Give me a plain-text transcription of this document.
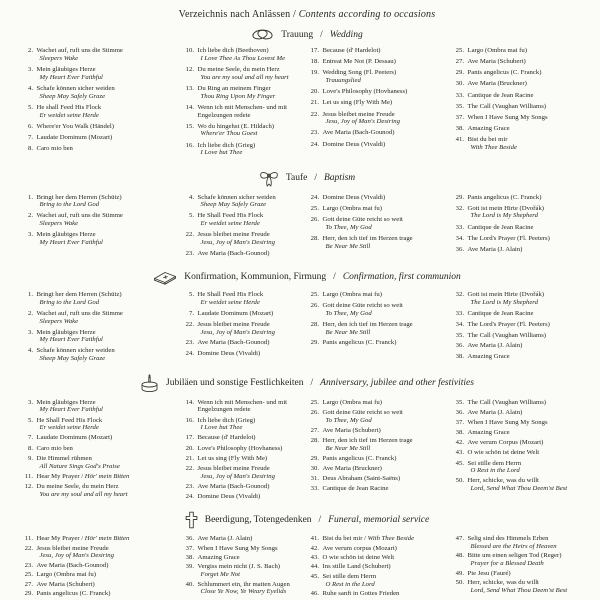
Verzeichnis nach Anlässen / Contents according to occasions
Trauung / Wedding
2. Wachet auf, ruft uns die Stimme
Sleepers Wake
3. Mein gläubiges Herze
My Heart Ever Faithful
4. Schafe können sicher weiden
Sheep May Safely Graze
5. He shall Feed His Flock
Er weidet seine Herde
6. Where'er You Walk (Händel)
7. Laudate Dominum (Mozart)
8. Caro mio ben
10. Ich liebe dich (Beethoven)
I Love Thee As Thou Lovest Me
12. Du meine Seele, du mein Herz
You are my soul and all my heart
13. Du Ring an meinem Finger
Thou Ring Upon My Finger
14. Wenn ich mit Menschen- und mit Engelzungen redete
15. Wo du hingehst (E. Hildach)
Where'er Thou Goest
16. Ich liebe dich (Grieg)
I Love but Thee
17. Because (d' Hardelot)
18. Entreat Me Not (P. Dessau)
19. Wedding Song (Fl. Peeters)
Trauungslied
20. Love's Philosophy (Hovhaness)
21. Let us sing (Fly With Me)
22. Jesus bleibet meine Freude
Jesu, Joy of Man's Desiring
23. Ave Maria (Bach-Gounod)
24. Domine Deus (Vivaldi)
25. Largo (Ombra mai fu)
27. Ave Maria (Schubert)
29. Panis angelicus (C. Franck)
30. Ave Maria (Bruckner)
33. Cantique de Jean Racine
35. The Call (Vaughan Williams)
37. When I Have Sung My Songs
38. Amazing Grace
41. Bist du bei mir
With Thee Beside
Taufe / Baptism
1. Bringt her dem Herren (Schütz)
Bring to the Lord God
2. Wachet auf, ruft uns die Stimme
Sleepers Wake
3. Mein gläubiges Herze
My Heart Ever Faithful
4. Schafe können sicher weiden
Sheep May Safely Graze
5. He Shall Feed His Flock
Er weidet seine Herde
22. Jesus bleibet meine Freude
Jesu, Joy of Man's Desiring
23. Ave Maria (Bach-Gounod)
24. Domine Deus (Vivaldi)
25. Largo (Ombra mai fu)
26. Gott deine Güte reicht so weit
To Thee, My God
28. Herr, den ich tief im Herzen trage
Be Near Me Still
29. Panis angelicus (C. Franck)
32. Gott ist mein Hirte (Dvořák)
The Lord is My Shepherd
33. Cantique de Jean Racine
34. The Lord's Prayer (Fl. Peeters)
36. Ave Maria (J. Alain)
Konfirmation, Kommunion, Firmung / Confirmation, first communion
1. Bringt her dem Herren (Schütz)
Bring to the Lord God
2. Wachet auf, ruft uns die Stimme
Sleepers Wake
3. Mein gläubiges Herze
My Heart Ever Faithful
4. Schafe können sicher weiden
Sheep May Safely Graze
5. He Shall Feed His Flock
Er weidet seine Herde
7. Laudate Dominum (Mozart)
22. Jesus bleibet meine Freude
Jesu, Joy of Man's Desiring
23. Ave Maria (Bach-Gounod)
24. Domine Deus (Vivaldi)
25. Largo (Ombra mai fu)
26. Gott deine Güte reicht so weit
To Thee, My God
28. Herr, den ich tief im Herzen trage
Be Near Me Still
29. Panis angelicus (C. Franck)
32. Gott ist mein Hirte (Dvořák)
The Lord is My Shepherd
33. Cantique de Jean Racine
34. The Lord's Prayer (Fl. Peeters)
35. The Call (Vaughan Williams)
36. Ave Maria (J. Alain)
38. Amazing Grace
Jubiläen und sonstige Festlichkeiten / Anniversary, jubilee and other festivities
3. Mein gläubiges Herze
My Heart Ever Faithful
5. He Shall Feed His Flock
Er weidet seine Herde
7. Laudate Dominum (Mozart)
8. Caro mio ben
9. Die Himmel rühmen
All Nature Sings God's Praise
11. Hear My Prayer / Hör' mein Bitten
12. Du meine Seele, du mein Herz
You are my soul and all my heart
14. Wenn ich mit Menschen- und mit Engelzungen redete
16. Ich liebe dich (Grieg)
I Love but Thee
17. Because (d' Hardelot)
20. Love's Philosophy (Hovhaness)
21. Let us sing (Fly With Me)
22. Jesus bleibet meine Freude
Jesu, Joy of Man's Desiring
23. Ave Maria (Bach-Gounod)
24. Domine Deus (Vivaldi)
25. Largo (Ombra mai fu)
26. Gott deine Güte reicht so weit
To Thee, My God
27. Ave Maria (Schubert)
28. Herr, den ich tief im Herzen trage
Be Near Me Still
29. Panis angelicus (C. Franck)
30. Ave Maria (Bruckner)
31. Deus Abraham (Saint-Saëns)
33. Cantique de Jean Racine
35. The Call (Vaughan Williams)
36. Ave Maria (J. Alain)
37. When I Have Sung My Songs
38. Amazing Grace
42. Ave verum Corpus (Mozart)
43. O wie schön ist deine Welt
45. Sei stille dem Herrn
O Rest in the Lord
50. Herr, schicke, was du willt
Lord, Send What Thou Deem'st Best
Beerdigung, Totengedenken / Funeral, memorial service
11. Hear My Prayer / Hör' mein Bitten
22. Jesus bleibet meine Freude
Jesu, Joy of Man's Desiring
23. Ave Maria (Bach-Gounod)
25. Largo (Ombra mai fu)
27. Ave Maria (Schubert)
29. Panis angelicus (C. Franck)
36. Ave Maria (J. Alain)
37. When I Have Sung My Songs
38. Amazing Grace
39. Vergiss mein nicht (J. S. Bach)
Forget Me Not
40. Schlummert ein, ihr matten Augen
Close Ye Now, Ye Weary Eyelids
41. Bist du bei mir / With Thee Beside
42. Ave verum corpus (Mozart)
43. O wie schön ist deine Welt
44. Ins stille Land (Schubert)
45. Sei stille dem Herrn
O Rest in the Lord
46. Ruhe sanft in Gottes Frieden
47. Selig sind des Himmels Erben
Blessed are the Heirs of Heaven
48. Bitte um einen seligen Tod (Reger)
Prayer for a Blessed Death
49. Pie Jesu (Fauré)
50. Herr, schicke, was du willt
Lord, Send What Thou Deem'st Best
